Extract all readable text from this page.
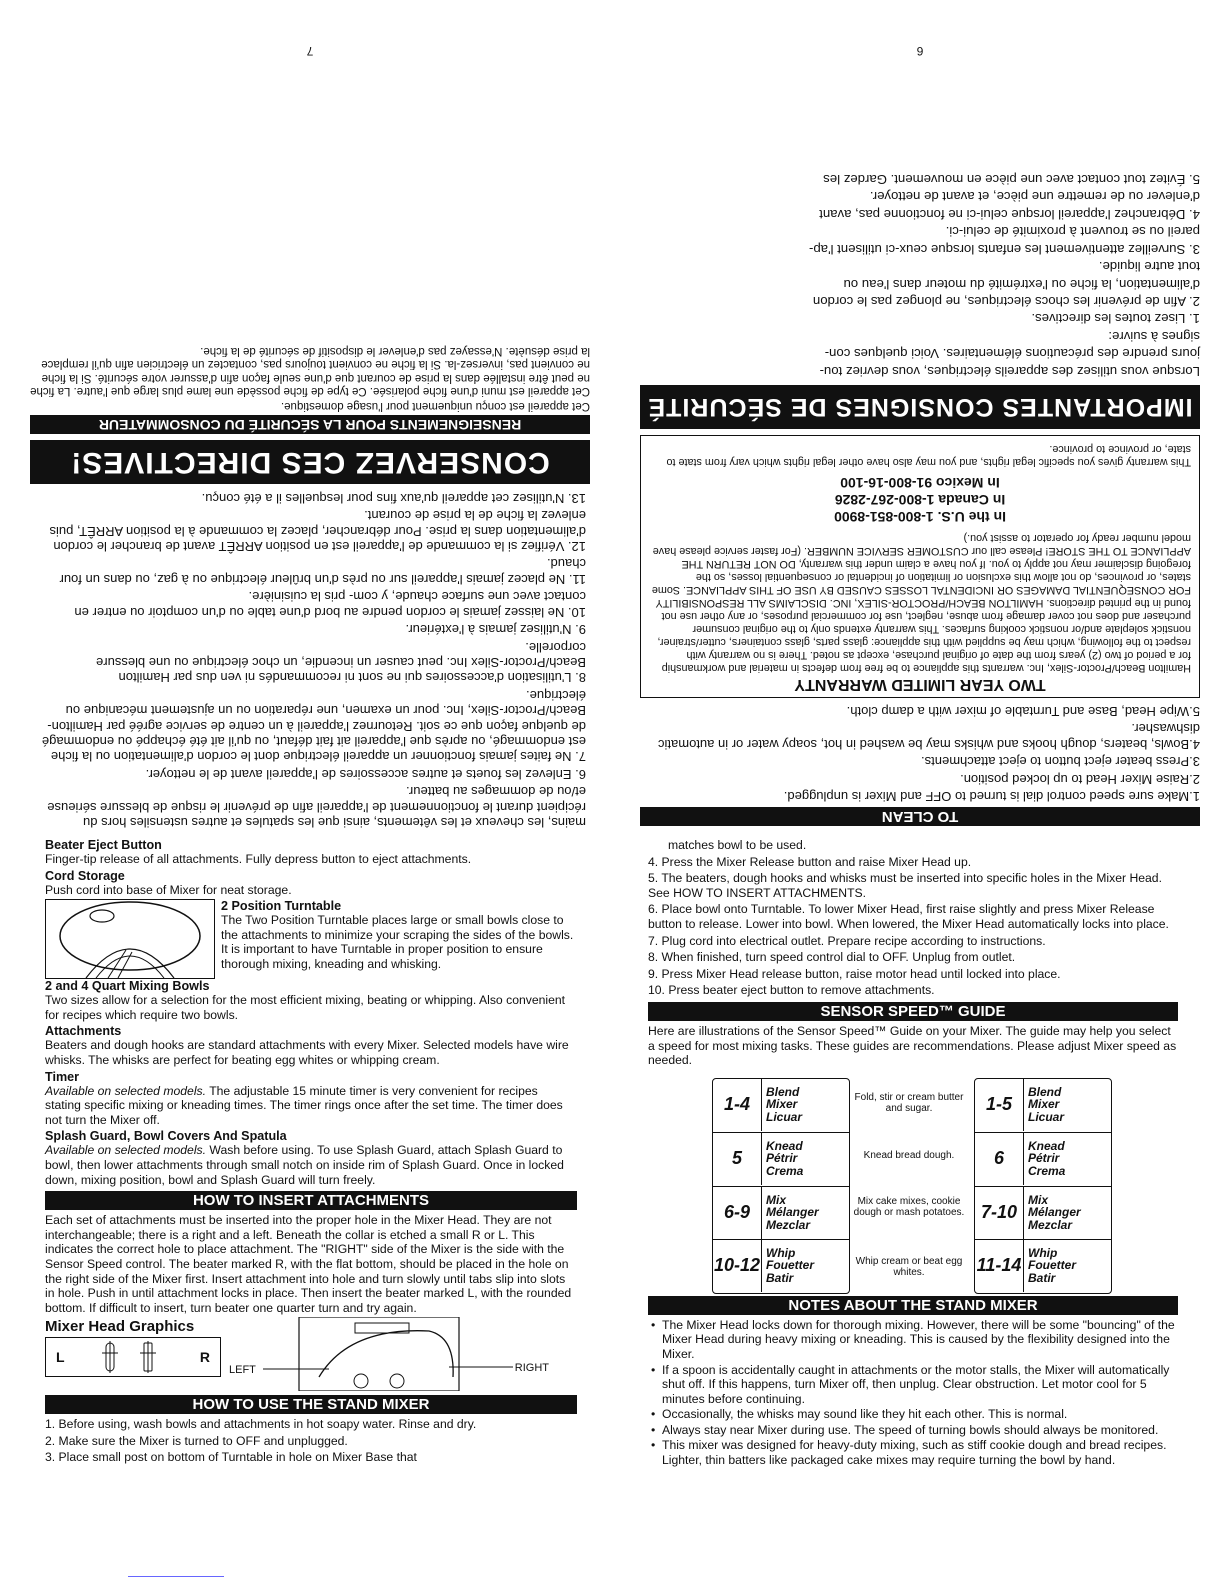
mains, les cheveux et les vêtements, ainsi que les spatules et autres ustensiles hors du récipient durant le fonctionnement de l'appareil afin de prévenir le risque de blessure sérieuse et/ou de dommages au batteur.

6. Enlevez les fouets et autres accessoires de l'appareil avant de le nettoyer.

7. Ne faites jamais fonctionner un appareil électrique dont le cordon d'alimentation ou la fiche est endommagé, ou après que l'appareil ait fait défaut, ou qu'il ait été échappé ou endommagé de quelque façon que ce soit. Retournez l'appareil à un centre de service agréé par Hamilton-Beach/Proctor-Silex, Inc. pour un examen, une réparation ou un ajustement mécanique ou électrique.

8. L'utilisation d'accessoires qui ne sont ni recommandés ni ven dus par Hamilton Beach/Proctor-Silex Inc. peut causer un incendie, un choc électrique ou une blessure corporelle.

9. N'utilisez jamais à l'extérieur.

10. Ne laissez jamais le cordon pendre au bord d'une table ou d'un comptoir ou entrer en contact avec une surface chaude, y com- pris la cuisinière.

11. Ne placez jamais l'appareil sur ou près d'un brûleur électrique ou à gaz, ou dans un four chaud.

12. Vérifiez si la commande de l'appareil est en position ARRÊT avant de brancher le cordon d'alimentation dans la prise. Pour débrancher, placez la commande à la position ARRÊT, puis enlevez la fiche de la prise de courant.

13. N'utilisez cet appareil qu'aux fins pour lesquelles il a été conçu.

CONSERVEZ CES DIRECTIVES!
RENSEIGNEMENTS POUR LA SÉCURITÉ DU CONSOMMATEUR

Cet appareil est conçu uniquement pour l'usage domestique.

Cet appareil est muni d'une fiche polarisée. Ce type de fiche possède une lame plus large que l'autre. La fiche ne peut être installée dans la prise de courant que d'une seule façon afin d'assurer votre sécurité. Si la fiche ne convient pas, inversez-la. Si la fiche ne convient toujours pas, contactez un électricien afin qu'il remplace la prise désuète. N'essayez pas d'enlever le dispositif de sécurité de la fiche.

7
TO CLEAN

1.Make sure speed control dial is turned to OFF and Mixer is unplugged.

2.Raise Mixer Head to up locked position.

3.Press beater eject button to eject attachments.

4.Bowls, beaters, dough hooks and whisks may be washed in hot, soapy water or in automatic dishwasher.

5.Wipe Head, Base and Turntable of mixer with a damp cloth.

TWO YEAR LIMITED WARRANTY
Hamilton Beach/Proctor-Silex, Inc. warrants this appliance to be free from defects in material and workmanship for a period of two (2) years from the date of original purchase, except as noted. There is no warranty with respect to the following, which may be supplied with this appliance: glass parts, glass containers, cutter/strainer, nonstick soleplate and/or nonstick cooking surfaces. This warranty extends only to the original consumer purchaser and does not cover damage from abuse, neglect, use for commercial purposes, or any other use not found in the printed directions. HAMILTON BEACH/PROCTOR-SILEX, INC. DISCLAIMS ALL RESPONSIBILITY FOR CONSEQUENTIAL DAMAGES OR INCIDENTAL LOSSES CAUSED BY USE OF THIS APPLIANCE. Some states, or provinces, do not allow this exclusion or limitation of incidental or consequential losses, so the foregoing disclaimer may not apply to you. If you have a claim under this warranty, DO NOT RETURN THE APPLIANCE TO THE STORE! Please call our CUSTOMER SERVICE NUMBER. (For faster service please have model number ready for operator to assist you.)
In the U.S. 1-800-851-8900
In Canada 1-800-267-2826
In Mexico 91-800-16-100
This warranty gives you specific legal rights, and you may also have other legal rights which vary from state to state, or province to province.
IMPORTANTES CONSIGNES DE SÉCURITÉ

Lorsque vous utilisez des appareils électriques, vous devriez tou-

jours prendre des précautions élémentaires. Voici quelques con-

signes à suivre:

1. Lisez toutes les directives.

2. Afin de prévenir les chocs électriques, ne plongez pas le cordon

d'alimentation, la fiche ou l'extrémité du moteur dans l'eau ou

tout autre liquide.

3. Surveillez attentivement les enfants lorsque ceux-ci utilisent l'ap-

pareil ou se trouvent à proximité de celui-ci.

4. Débranchez l'appareil lorsque celui-ci ne fonctionne pas, avant

d'enlever ou de remettre une pièce, et avant de nettoyer.

5. Évitez tout contact avec une pièce en mouvement. Gardez les

6
Beater Eject Button

Finger-tip release of all attachments. Fully depress button to eject attachments.

Cord Storage

Push cord into base of Mixer for neat storage.

2 Position Turntable

The Two Position Turntable places large or small bowls close to the attachments to minimize your scraping the sides of the bowls. It is important to have Turntable in proper position to ensure thorough mixing, kneading and whisking.

2 and 4 Quart Mixing Bowls

Two sizes allow for a selection for the most efficient mixing, beating or whipping. Also convenient for recipes which require two bowls.

Attachments

Beaters and dough hooks are standard attachments with every Mixer. Selected models have wire whisks. The whisks are perfect for beating egg whites or whipping cream.

Timer

Available on selected models. The adjustable 15 minute timer is very convenient for recipes stating specific mixing or kneading times. The timer rings once after the set time. The timer does not turn the Mixer off.

Splash Guard, Bowl Covers And Spatula

Available on selected models. Wash before using. To use Splash Guard, attach Splash Guard to bowl, then lower attachments through small notch on inside rim of Splash Guard. Once in locked down, mixing position, bowl and Splash Guard will turn freely.

HOW TO INSERT ATTACHMENTS

Each set of attachments must be inserted into the proper hole in the Mixer Head. They are not interchangeable; there is a right and a left. Beneath the collar is etched a small R or L. This indicates the correct hole to place attachment. The "RIGHT" side of the Mixer is the side with the Sensor Speed control. The beater marked R, with the flat bottom, should be placed in the hole on the right side of the Mixer first. Insert attachment into hole and turn slowly until tabs slip into slots in hole. Push in until attachment locks in place. Then insert the beater marked L, with the rounded bottom. If difficult to insert, turn beater one quarter turn and try again.

Mixer Head Graphics
L	R
LEFT	RIGHT
HOW TO USE THE STAND MIXER

1. Before using, wash bowls and attachments in hot soapy water. Rinse and dry.

2. Make sure the Mixer is turned to OFF and unplugged.

3. Place small post on bottom of Turntable in hole on Mixer Base that

matches bowl to be used.

4. Press the Mixer Release button and raise Mixer Head up.

5. The beaters, dough hooks and whisks must be inserted into specific holes in the Mixer Head. See HOW TO INSERT ATTACHMENTS.

6. Place bowl onto Turntable. To lower Mixer Head, first raise slightly and press Mixer Release button to release. Lower into bowl. When lowered, the Mixer Head automatically locks into place.

7. Plug cord into electrical outlet. Prepare recipe according to instructions.

8. When finished, turn speed control dial to OFF. Unplug from outlet.

9. Press Mixer Head release button, raise motor head until locked into place.

10. Press beater eject button to remove attachments.

SENSOR SPEED™ GUIDE

Here are illustrations of the Sensor Speed™ Guide on your Mixer. The guide may help you select a speed for most mixing tasks. These guides are recommendations. Please adjust Mixer speed as needed.

1-4
Blend
Mixer
Licuar
5
Knead
Pétrir
Crema
6-9
Mix
Mélanger
Mezclar
10-12
Whip
Fouetter
Batir
Fold, stir or cream butter and sugar.
Knead bread dough.
Mix cake mixes, cookie dough or mash potatoes.
Whip cream or beat egg whites.
1-5
Blend
Mixer
Licuar
6
Knead
Pétrir
Crema
7-10
Mix
Mélanger
Mezclar
11-14
Whip
Fouetter
Batir
NOTES ABOUT THE STAND MIXER
• The Mixer Head locks down for thorough mixing. However, there will be some "bouncing" of the Mixer Head during heavy mixing or kneading. This is caused by the flexibility designed into the Mixer.
• If a spoon is accidentally caught in attachments or the motor stalls, the Mixer will automatically shut off. If this happens, turn Mixer off, then unplug. Clear obstruction. Let motor cool for 5 minutes before continuing.
• Occasionally, the whisks may sound like they hit each other. This is normal.
• Always stay near Mixer during use. The speed of turning bowls should always be monitored.
• This mixer was designed for heavy-duty mixing, such as stiff cookie dough and bread recipes. Lighter, thin batters like packaged cake mixes may require turning the bowl by hand.
